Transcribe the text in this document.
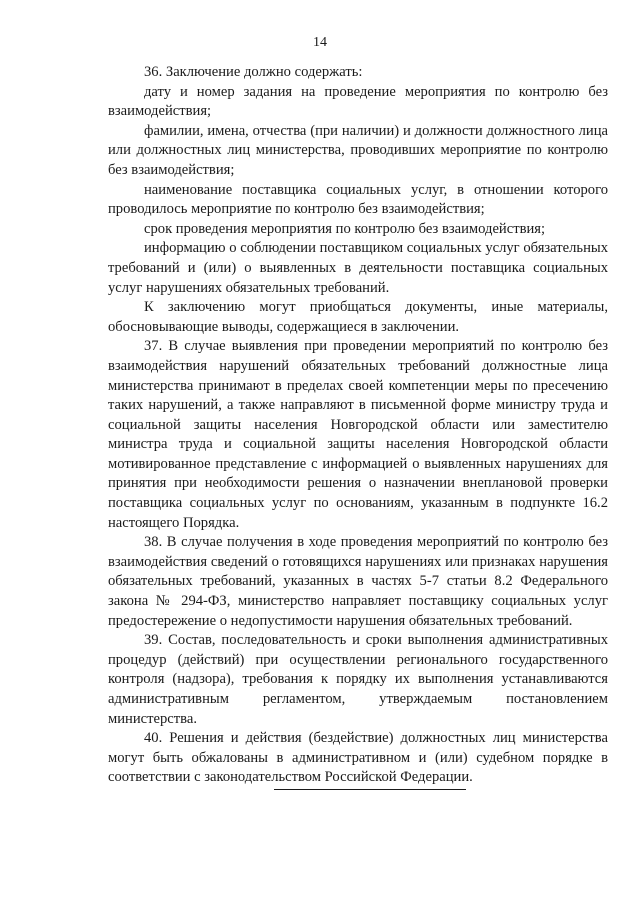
14

36. Заключение должно содержать:

дату и номер задания на проведение мероприятия по контролю без взаимодействия;

фамилии, имена, отчества (при наличии) и должности должностного лица или должностных лиц министерства, проводивших мероприятие по контролю без взаимодействия;

наименование поставщика социальных услуг, в отношении которого проводилось мероприятие по контролю без взаимодействия;

срок проведения мероприятия по контролю без взаимодействия;

информацию о соблюдении поставщиком социальных услуг обязательных требований и (или) о выявленных в деятельности поставщика социальных услуг нарушениях обязательных требований.

К заключению могут приобщаться документы, иные материалы, обосновывающие выводы, содержащиеся в заключении.

37. В случае выявления при проведении мероприятий по контролю без взаимодействия нарушений обязательных требований должностные лица министерства принимают в пределах своей компетенции меры по пресечению таких нарушений, а также направляют в письменной форме министру труда и социальной защиты населения Новгородской области или заместителю министра труда и социальной защиты населения Новгородской области мотивированное представление с информацией о выявленных нарушениях для принятия при необходимости решения о назначении внеплановой проверки поставщика социальных услуг по основаниям, указанным в подпункте 16.2 настоящего Порядка.

38. В случае получения в ходе проведения мероприятий по контролю без взаимодействия сведений о готовящихся нарушениях или признаках нарушения обязательных требований, указанных в частях 5-7 статьи 8.2 Федерального закона № 294-ФЗ, министерство направляет поставщику социальных услуг предостережение о недопустимости нарушения обязательных требований.

39. Состав, последовательность и сроки выполнения административных процедур (действий) при осуществлении регионального государственного контроля (надзора), требования к порядку их выполнения устанавливаются административным регламентом, утверждаемым постановлением министерства.

40. Решения и действия (бездействие) должностных лиц министерства могут быть обжалованы в административном и (или) судебном порядке в соответствии с законодательством Российской Федерации.
